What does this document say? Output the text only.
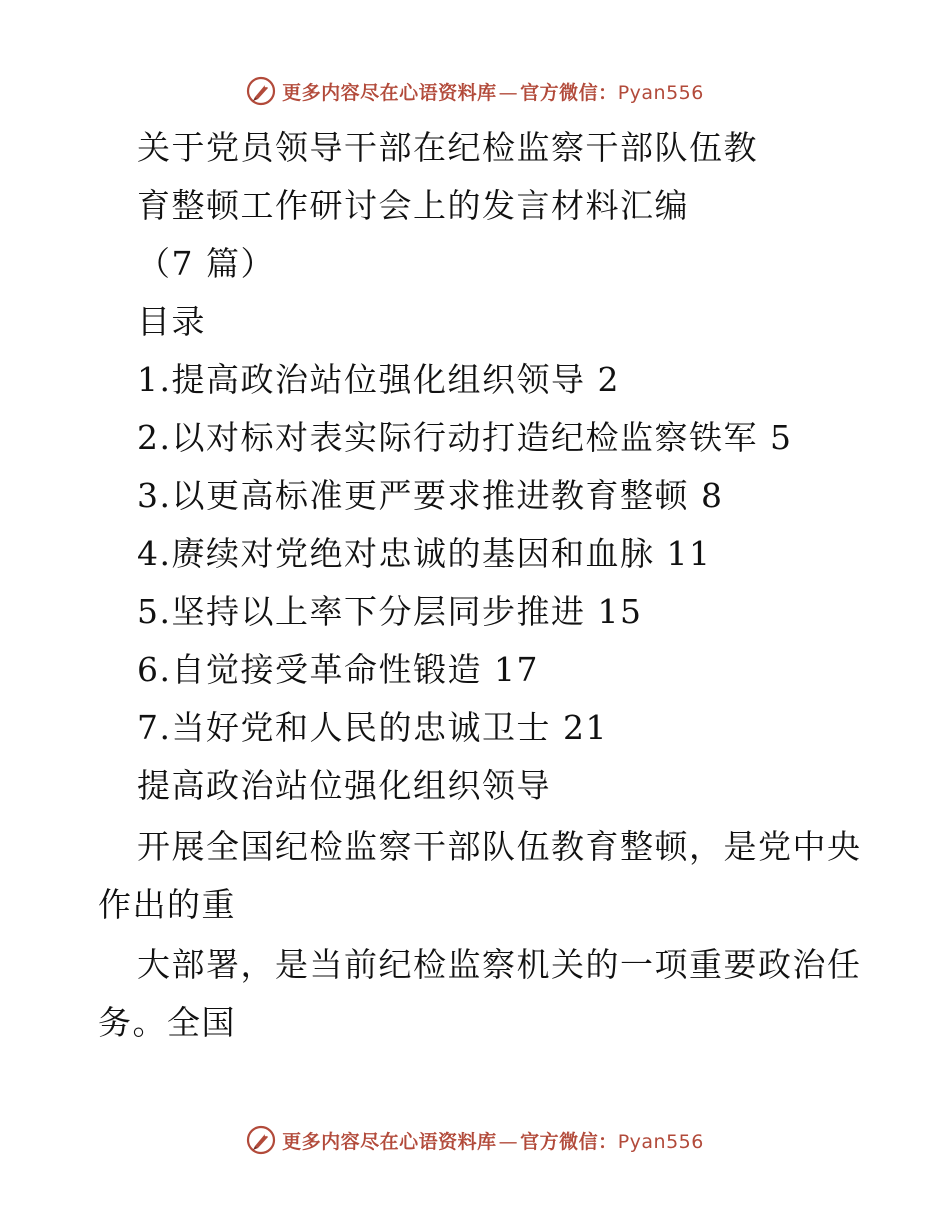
更多内容尽在心语资料库 — 官方微信：Pyan556
关于党员领导干部在纪检监察干部队伍教
育整顿工作研讨会上的发言材料汇编
（7 篇）
目录
1.提高政治站位强化组织领导 2
2.以对标对表实际行动打造纪检监察铁军 5
3.以更高标准更严要求推进教育整顿 8
4.赓续对党绝对忠诚的基因和血脉 11
5.坚持以上率下分层同步推进 15
6.自觉接受革命性锻造 17
7.当好党和人民的忠诚卫士 21
提高政治站位强化组织领导
开展全国纪检监察干部队伍教育整顿，是党中央
作出的重
大部署，是当前纪检监察机关的一项重要政治任
务。全国
更多内容尽在心语资料库 — 官方微信：Pyan556
